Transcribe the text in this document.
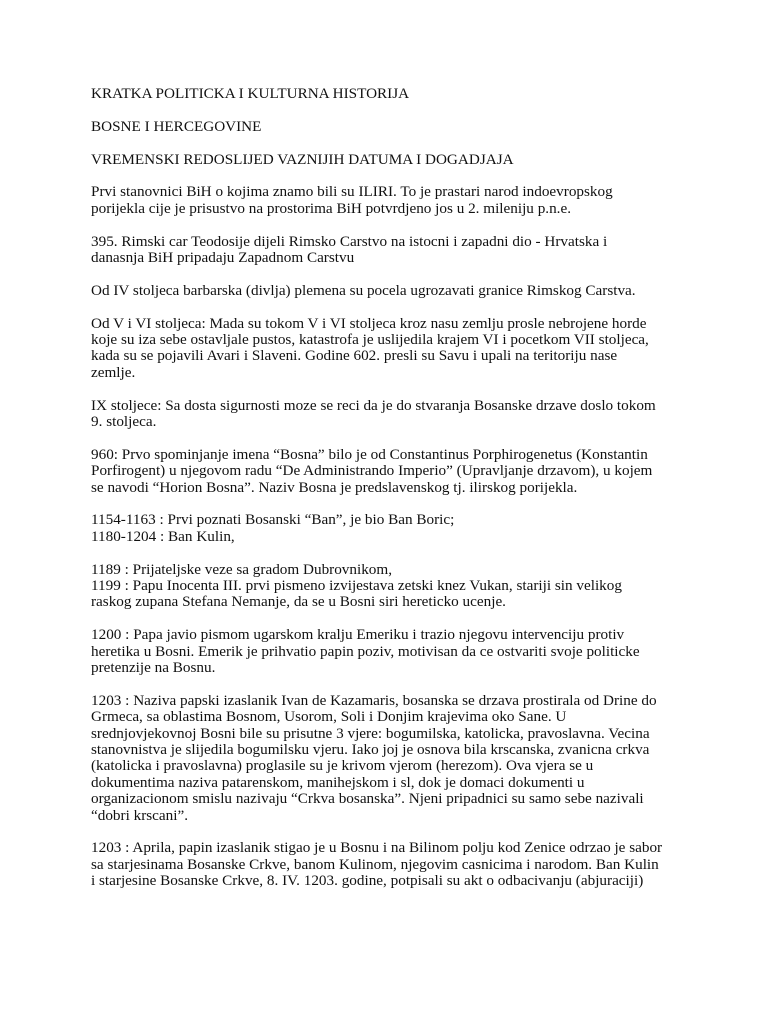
KRATKA POLITICKA I KULTURNA HISTORIJA

BOSNE I HERCEGOVINE

VREMENSKI REDOSLIJED VAZNIJIH DATUMA I DOGADJAJA

Prvi stanovnici BiH o kojima znamo bili su ILIRI. To je prastari narod indoevropskog
porijekla cije je prisustvo na prostorima BiH potvrdjeno jos u 2. mileniju p.n.e.

395. Rimski car Teodosije dijeli Rimsko Carstvo na istocni i zapadni dio - Hrvatska i
danasnja BiH pripadaju Zapadnom Carstvu

Od IV stoljeca barbarska (divlja) plemena su pocela ugrozavati granice Rimskog Carstva.

Od V i VI stoljeca: Mada su tokom V i VI stoljeca kroz nasu zemlju prosle nebrojene horde
koje su iza sebe ostavljale pustos, katastrofa je uslijedila krajem VI i pocetkom VII stoljeca,
kada su se pojavili Avari i Slaveni. Godine 602. presli su Savu i upali na teritoriju nase
zemlje.

IX stoljece: Sa dosta sigurnosti moze se reci da je do stvaranja Bosanske drzave doslo tokom
9. stoljeca.

960: Prvo spominjanje imena “Bosna” bilo je od Constantinus Porphirogenetus (Konstantin
Porfirogent) u njegovom radu “De Administrando Imperio” (Upravljanje drzavom), u kojem
se navodi “Horion Bosna”. Naziv Bosna je predslavenskog tj. ilirskog porijekla.

1154-1163 : Prvi poznati Bosanski “Ban”, je bio Ban Boric;
1180-1204 : Ban Kulin,

1189 : Prijateljske veze sa gradom Dubrovnikom,
1199 : Papu Inocenta III. prvi pismeno izvijestava zetski knez Vukan, stariji sin velikog
raskog zupana Stefana Nemanje, da se u Bosni siri hereticko ucenje.

1200 : Papa javio pismom ugarskom kralju Emeriku i trazio njegovu intervenciju protiv
heretika u Bosni. Emerik je prihvatio papin poziv, motivisan da ce ostvariti svoje politicke
pretenzije na Bosnu.

1203 : Naziva papski izaslanik Ivan de Kazamaris, bosanska se drzava prostirala od Drine do
Grmeca, sa oblastima Bosnom, Usorom, Soli i Donjim krajevima oko Sane. U
srednjovjekovnoj Bosni bile su prisutne 3 vjere: bogumilska, katolicka, pravoslavna. Vecina
stanovnistva je slijedila bogumilsku vjeru. Iako joj je osnova bila krscanska, zvanicna crkva
(katolicka i pravoslavna) proglasile su je krivom vjerom (herezom). Ova vjera se u
dokumentima naziva patarenskom, manihejskom i sl, dok je domaci dokumenti u
organizacionom smislu nazivaju “Crkva bosanska”. Njeni pripadnici su samo sebe nazivali
“dobri krscani”.

1203 : Aprila, papin izaslanik stigao je u Bosnu i na Bilinom polju kod Zenice odrzao je sabor
sa starjesinama Bosanske Crkve, banom Kulinom, njegovim casnicima i narodom. Ban Kulin
i starjesine Bosanske Crkve, 8. IV. 1203. godine, potpisali su akt o odbacivanju (abjuraciji)
